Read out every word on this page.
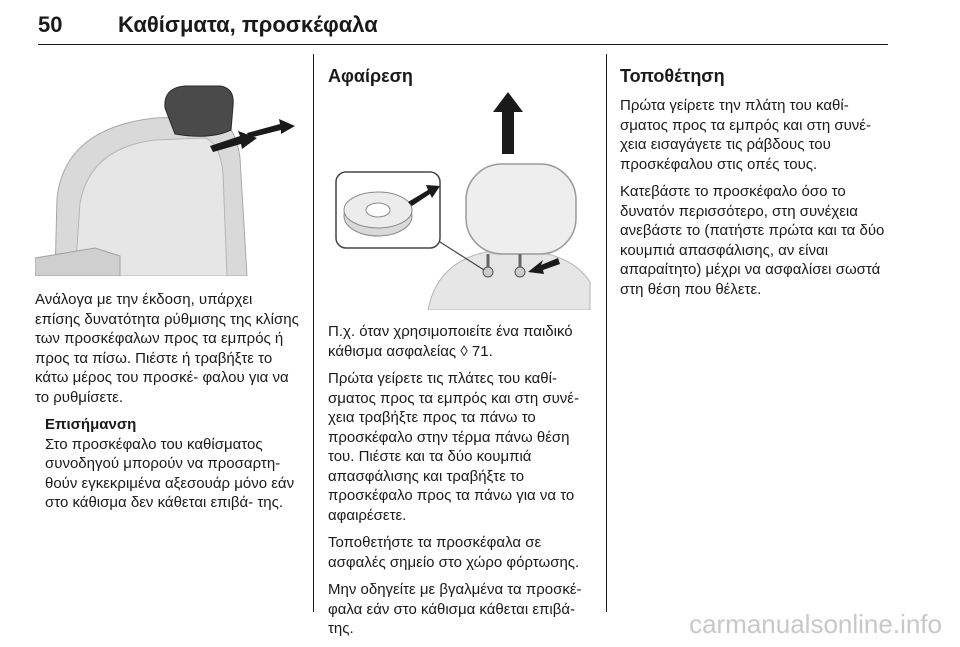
50	Καθίσματα, προσκέφαλα

Ανάλογα με την έκδοση, υπάρχει επίσης δυνατότητα ρύθμισης της κλίσης των προσκέφαλων προς τα εμπρός ή προς τα πίσω. Πιέστε ή τραβήξτε το κάτω μέρος του προσκέ- φαλου για να το ρυθμίσετε.

Επισήμανση

Στο προσκέφαλο του καθίσματος συνοδηγού μπορούν να προσαρτη- θούν εγκεκριμένα αξεσουάρ μόνο εάν στο κάθισμα δεν κάθεται επιβά- της.

Αφαίρεση

Π.χ. όταν χρησιμοποιείτε ένα παιδικό κάθισμα ασφαλείας ◊ 71.

Πρώτα γείρετε τις πλάτες του καθί- σματος προς τα εμπρός και στη συνέ- χεια τραβήξτε προς τα πάνω το προσκέφαλο στην τέρμα πάνω θέση του. Πιέστε και τα δύο κουμπιά απασφάλισης και τραβήξτε το προσκέφαλο προς τα πάνω για να το αφαιρέσετε.

Τοποθετήστε τα προσκέφαλα σε ασφαλές σημείο στο χώρο φόρτωσης.

Μην οδηγείτε με βγαλμένα τα προσκέ- φαλα εάν στο κάθισμα κάθεται επιβά- της.

Τοποθέτηση

Πρώτα γείρετε την πλάτη του καθί- σματος προς τα εμπρός και στη συνέ- χεια εισαγάγετε τις ράβδους του προσκέφαλου στις οπές τους.

Κατεβάστε το προσκέφαλο όσο το δυνατόν περισσότερο, στη συνέχεια ανεβάστε το (πατήστε πρώτα και τα δύο κουμπιά απασφάλισης, αν είναι απαραίτητο) μέχρι να ασφαλίσει σωστά στη θέση που θέλετε.

carmanualsonline.info
